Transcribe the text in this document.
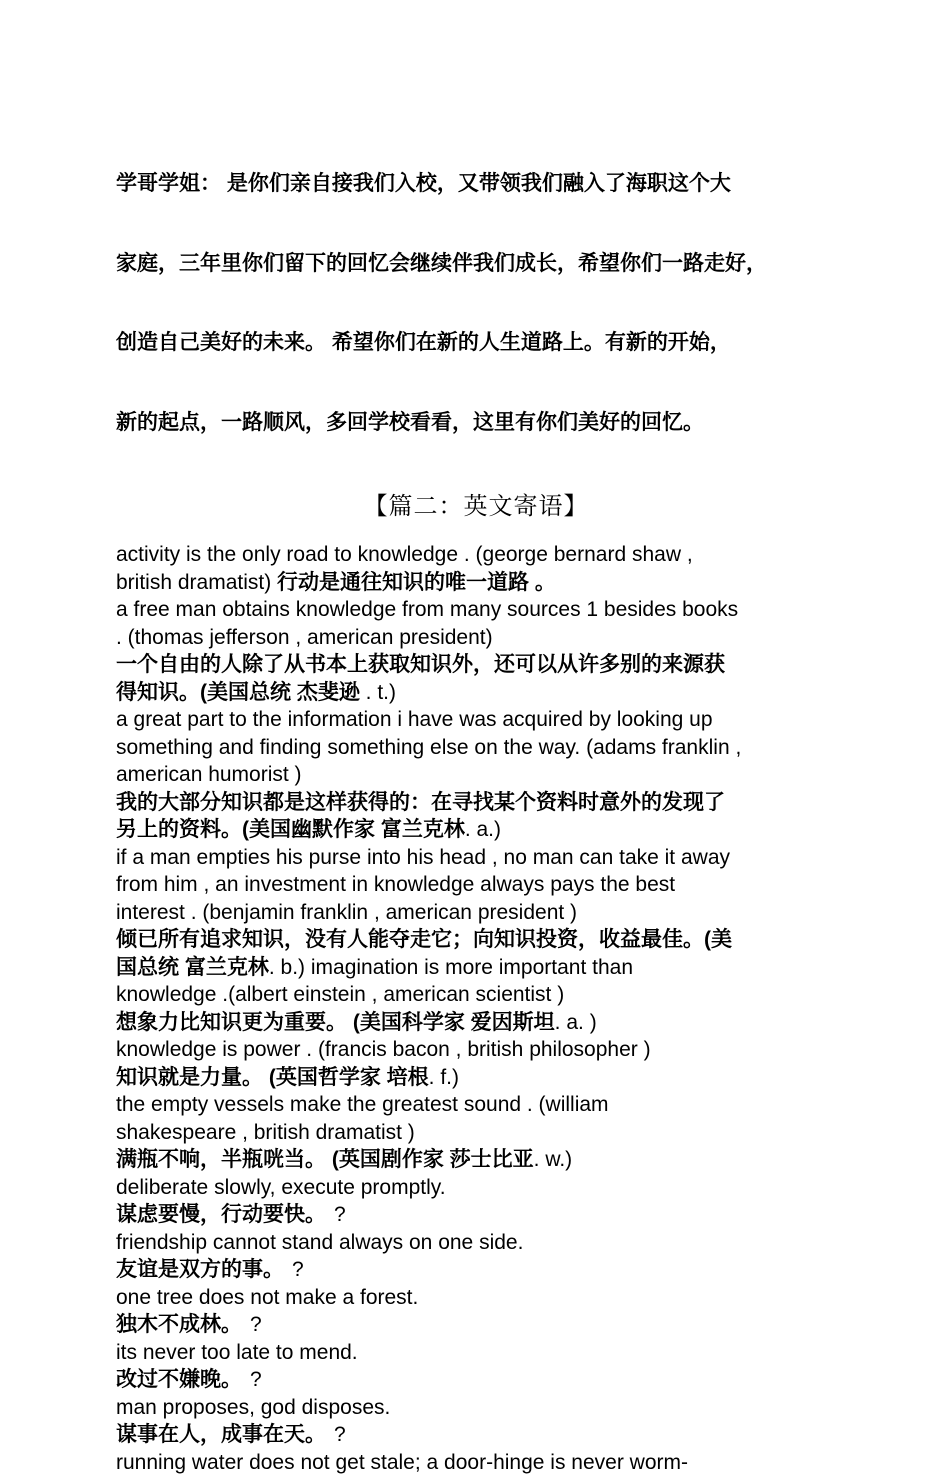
学哥学姐： 是你们亲自接我们入校，又带领我们融入了海职这个大

家庭，三年里你们留下的回忆会继续伴我们成长，希望你们一路走好，

创造自己美好的未来。 希望你们在新的人生道路上。有新的开始，

新的起点，一路顺风，多回学校看看，这里有你们美好的回忆。

【篇二：英文寄语】
activity is the only road to knowledge . (george bernard shaw ,
british dramatist) 行动是通往知识的唯一道路 。
a free man obtains knowledge from many sources 1 besides books
. (thomas jefferson , american president)
一个自由的人除了从书本上获取知识外，还可以从许多别的来源获
得知识。(美国总统 杰斐逊 . t.)
a great part to the information i have was acquired by looking up
something and finding something else on the way. (adams franklin ,
american humorist )
我的大部分知识都是这样获得的：在寻找某个资料时意外的发现了
另上的资料。(美国幽默作家 富兰克林. a.)
if a man empties his purse into his head , no man can take it away
from him , an investment in knowledge always pays the best
interest . (benjamin franklin , american president )
倾已所有追求知识，没有人能夺走它；向知识投资，收益最佳。(美
国总统 富兰克林. b.) imagination is more important than
knowledge .(albert einstein , american scientist )
想象力比知识更为重要。 (美国科学家 爱因斯坦. a. )
knowledge is power . (francis bacon , british philosopher )
知识就是力量。 (英国哲学家 培根. f.)
the empty vessels make the greatest sound . (william
shakespeare , british dramatist )
满瓶不响，半瓶咣当。 (英国剧作家 莎士比亚. w.)
deliberate slowly, execute promptly.
谋虑要慢，行动要快。 ?
friendship cannot stand always on one side.
友谊是双方的事。 ?
one tree does not make a forest.
独木不成林。 ?
its never too late to mend.
改过不嫌晚。 ?
man proposes, god disposes.
谋事在人，成事在天。 ?
running water does not get stale; a door-hinge is never worm-
